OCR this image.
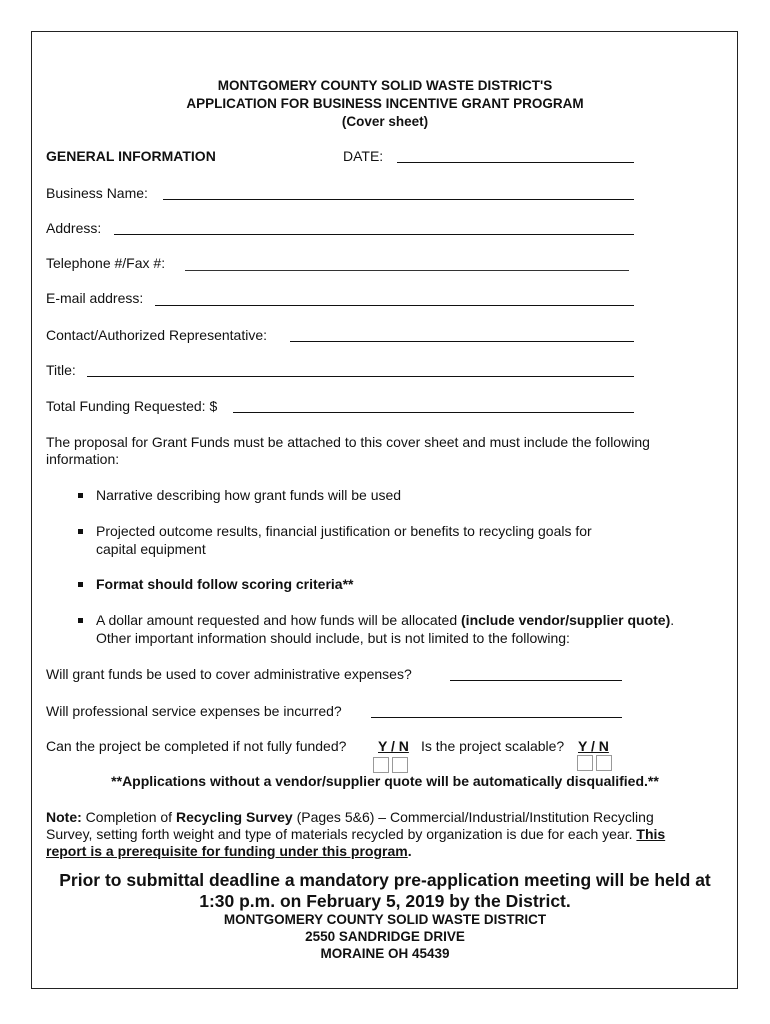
MONTGOMERY COUNTY SOLID WASTE DISTRICT'S
APPLICATION FOR BUSINESS INCENTIVE GRANT PROGRAM
(Cover sheet)
GENERAL INFORMATION	DATE:
Business Name:
Address:
Telephone #/Fax #:
E-mail address:
Contact/Authorized Representative:
Title:
Total Funding Requested: $
The proposal for Grant Funds must be attached to this cover sheet and must include the following information:
Narrative describing how grant funds will be used
Projected outcome results, financial justification or benefits to recycling goals for
capital equipment
Format should follow scoring criteria**
A dollar amount requested and how funds will be allocated (include vendor/supplier quote).
Other important information should include, but is not limited to the following:
Will grant funds be used to cover administrative expenses?
Will professional service expenses be incurred?
Can the project be completed if not fully funded? Y / N Is the project scalable? Y / N
**Applications without a vendor/supplier quote will be automatically disqualified.**
Note: Completion of Recycling Survey (Pages 5&6) – Commercial/Industrial/Institution Recycling
Survey, setting forth weight and type of materials recycled by organization is due for each year. This
report is a prerequisite for funding under this program.
Prior to submittal deadline a mandatory pre-application meeting will be held at
1:30 p.m. on February 5, 2019 by the District.
MONTGOMERY COUNTY SOLID WASTE DISTRICT
2550 SANDRIDGE DRIVE
MORAINE OH 45439
